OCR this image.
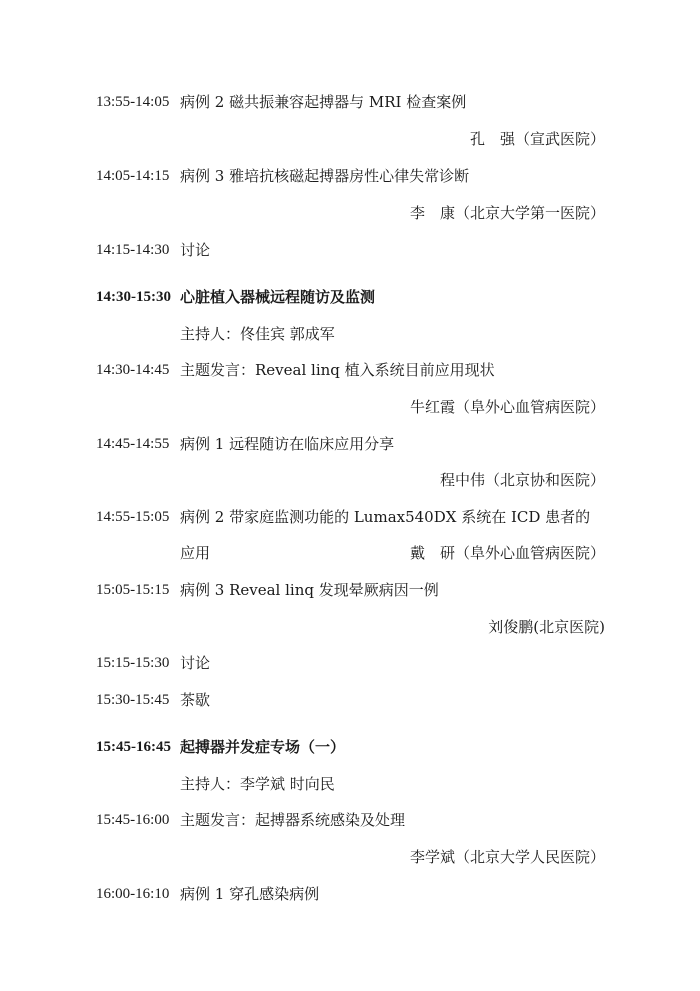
13:55-14:05 病例 2 磁共振兼容起搏器与 MRI 检查案例
孔　强（宣武医院）
14:05-14:15 病例 3 雅培抗核磁起搏器房性心律失常诊断
李　康（北京大学第一医院）
14:15-14:30 讨论
14:30-15:30 心脏植入器械远程随访及监测
主持人：佟佳宾 郭成军
14:30-14:45 主题发言：Reveal linq 植入系统目前应用现状
牛红霞（阜外心血管病医院）
14:45-14:55 病例 1 远程随访在临床应用分享
程中伟（北京协和医院）
14:55-15:05 病例 2 带家庭监测功能的 Lumax540DX 系统在 ICD 患者的
应用	戴　研（阜外心血管病医院）
15:05-15:15 病例 3 Reveal linq 发现晕厥病因一例
刘俊鹏(北京医院)
15:15-15:30 讨论
15:30-15:45 茶歇
15:45-16:45 起搏器并发症专场（一）
主持人：李学斌 时向民
15:45-16:00 主题发言：起搏器系统感染及处理
李学斌（北京大学人民医院）
16:00-16:10 病例 1 穿孔感染病例
